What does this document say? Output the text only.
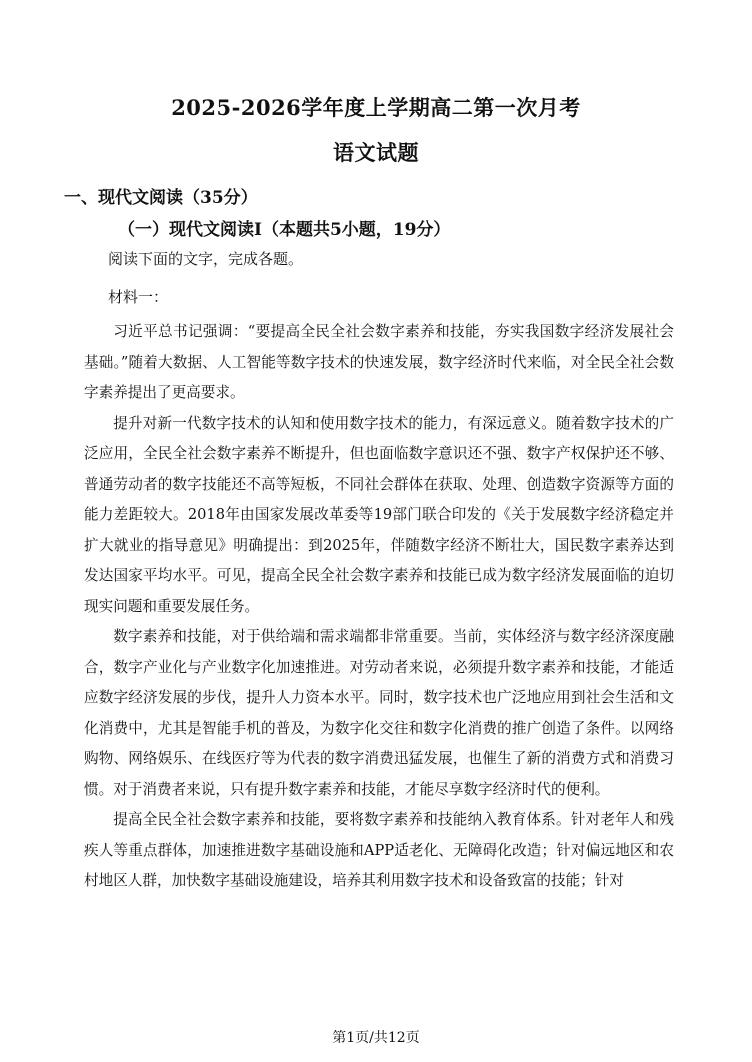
2025-2026学年度上学期高二第一次月考
语文试题
一、现代文阅读（35分）
（一）现代文阅读Ⅰ（本题共5小题，19分）
阅读下面的文字，完成各题。
材料一：

习近平总书记强调：“要提高全民全社会数字素养和技能，夯实我国数字经济发展社会基础。”随着大数据、人工智能等数字技术的快速发展，数字经济时代来临，对全民全社会数字素养提出了更高要求。

提升对新一代数字技术的认知和使用数字技术的能力，有深远意义。随着数字技术的广泛应用，全民全社会数字素养不断提升，但也面临数字意识还不强、数字产权保护还不够、普通劳动者的数字技能还不高等短板，不同社会群体在获取、处理、创造数字资源等方面的能力差距较大。2018年由国家发展改革委等19部门联合印发的《关于发展数字经济稳定并扩大就业的指导意见》明确提出：到2025年，伴随数字经济不断壮大，国民数字素养达到发达国家平均水平。可见，提高全民全社会数字素养和技能已成为数字经济发展面临的迫切现实问题和重要发展任务。

数字素养和技能，对于供给端和需求端都非常重要。当前，实体经济与数字经济深度融合，数字产业化与产业数字化加速推进。对劳动者来说，必须提升数字素养和技能，才能适应数字经济发展的步伐，提升人力资本水平。同时，数字技术也广泛地应用到社会生活和文化消费中，尤其是智能手机的普及，为数字化交往和数字化消费的推广创造了条件。以网络购物、网络娱乐、在线医疗等为代表的数字消费迅猛发展，也催生了新的消费方式和消费习惯。对于消费者来说，只有提升数字素养和技能，才能尽享数字经济时代的便利。

提高全民全社会数字素养和技能，要将数字素养和技能纳入教育体系。针对老年人和残疾人等重点群体，加速推进数字基础设施和APP适老化、无障碍化改造；针对偏远地区和农村地区人群，加快数字基础设施建设，培养其利用数字技术和设备致富的技能；针对

第1页/共12页
